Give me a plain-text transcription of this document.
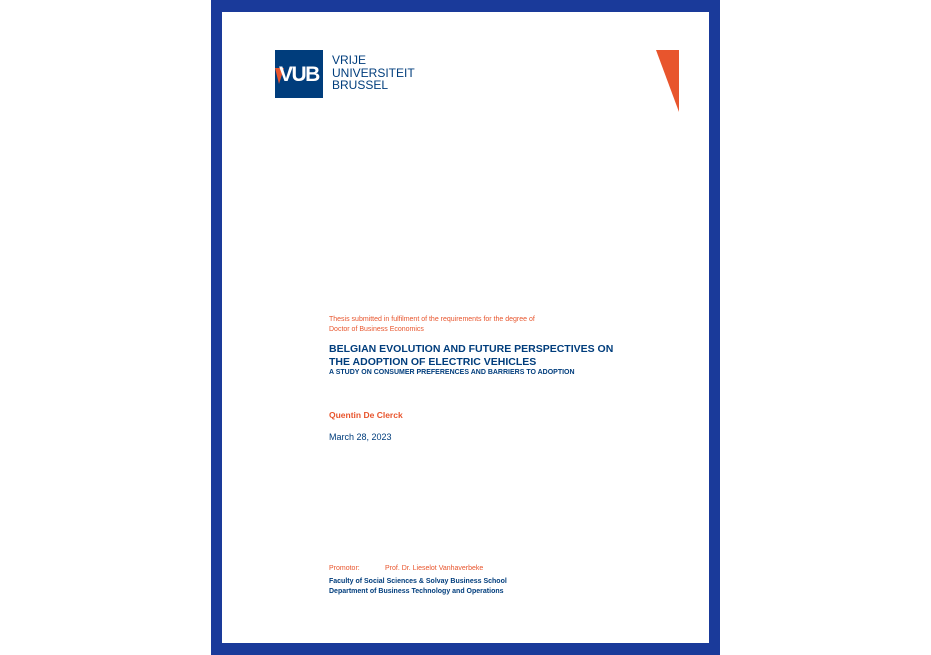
VUB
VRIJE
UNIVERSITEIT
BRUSSEL
Thesis submitted in fulfilment of the requirements for the degree of
Doctor of Business Economics
BELGIAN EVOLUTION AND FUTURE PERSPECTIVES ON
THE ADOPTION OF ELECTRIC VEHICLES
A STUDY ON CONSUMER PREFERENCES AND BARRIERS TO ADOPTION
Quentin De Clerck
March 28, 2023
Promotor:	Prof. Dr. Lieselot Vanhaverbeke
Faculty of Social Sciences & Solvay Business School
Department of Business Technology and Operations
